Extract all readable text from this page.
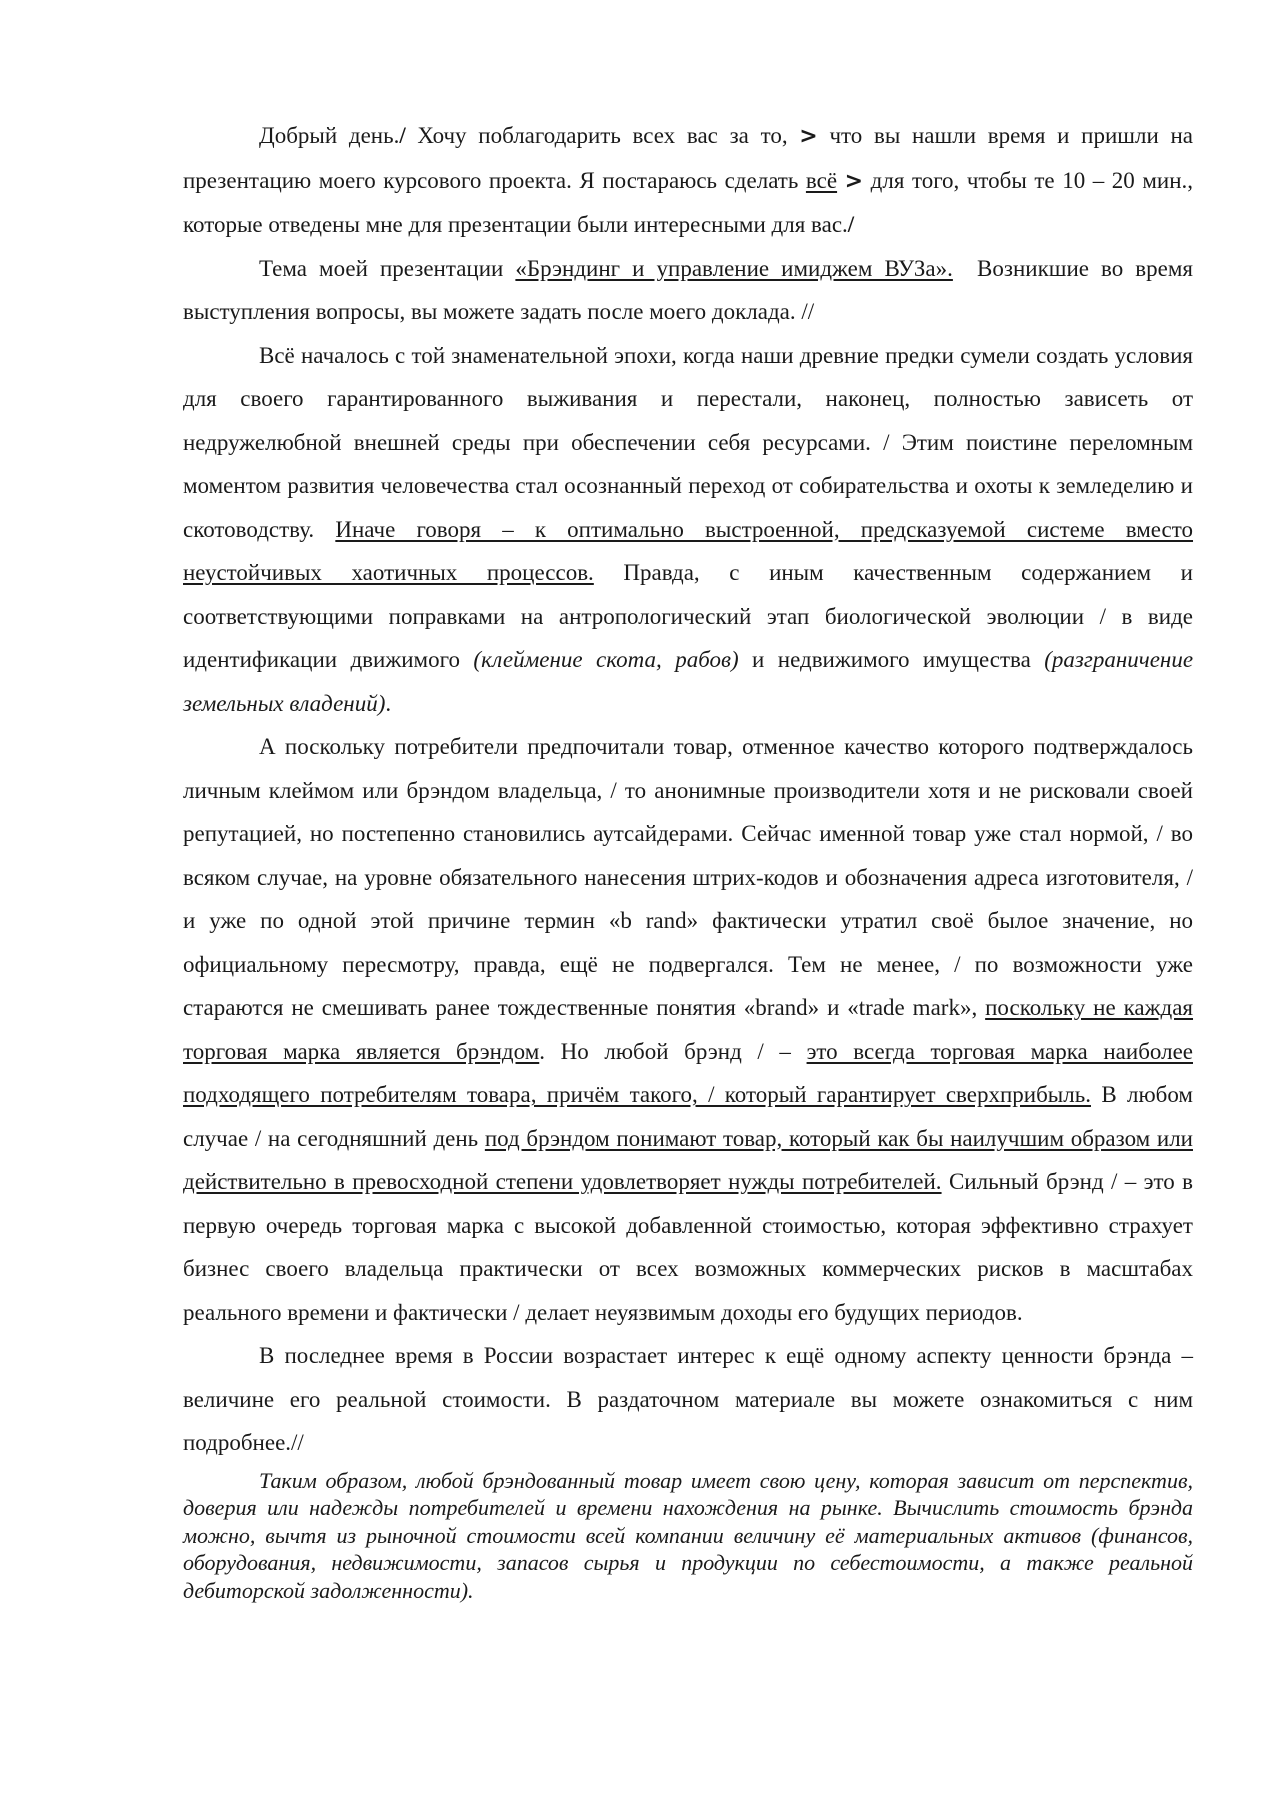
Добрый день./ Хочу поблагодарить всех вас за то, > что вы нашли время и пришли на презентацию моего курсового проекта. Я постараюсь сделать всё > для того, чтобы те 10 – 20 мин., которые отведены мне для презентации были интересными для вас./

Тема моей презентации «Брэндинг и управление имиджем ВУЗа». Возникшие во время выступления вопросы, вы можете задать после моего доклада. //

Всё началось с той знаменательной эпохи, когда наши древние предки сумели создать условия для своего гарантированного выживания и перестали, наконец, полностью зависеть от недружелюбной внешней среды при обеспечении себя ресурсами. / Этим поистине переломным моментом развития человечества стал осознанный переход от собирательства и охоты к земледелию и скотоводству. Иначе говоря – к оптимально выстроенной, предсказуемой системе вместо неустойчивых хаотичных процессов. Правда, с иным качественным содержанием и соответствующими поправками на антропологический этап биологической эволюции / в виде идентификации движимого (клеймение скота, рабов) и недвижимого имущества (разграничение земельных владений).

А поскольку потребители предпочитали товар, отменное качество которого подтверждалось личным клеймом или брэндом владельца, / то анонимные производители хотя и не рисковали своей репутацией, но постепенно становились аутсайдерами. Сейчас именной товар уже стал нормой, / во всяком случае, на уровне обязательного нанесения штрих-кодов и обозначения адреса изготовителя, / и уже по одной этой причине термин «b rand» фактически утратил своё былое значение, но официальному пересмотру, правда, ещё не подвергался. Тем не менее, / по возможности уже стараются не смешивать ранее тождественные понятия «brand» и «trade mark», поскольку не каждая торговая марка является брэндом. Но любой брэнд / – это всегда торговая марка наиболее подходящего потребителям товара, причём такого, / который гарантирует сверхприбыль. В любом случае / на сегодняшний день под брэндом понимают товар, который как бы наилучшим образом или действительно в превосходной степени удовлетворяет нужды потребителей. Сильный брэнд / – это в первую очередь торговая марка с высокой добавленной стоимостью, которая эффективно страхует бизнес своего владельца практически от всех возможных коммерческих рисков в масштабах реального времени и фактически / делает неуязвимым доходы его будущих периодов.

В последнее время в России возрастает интерес к ещё одному аспекту ценности брэнда – величине его реальной стоимости. В раздаточном материале вы можете ознакомиться с ним подробнее.//

Таким образом, любой брэндованный товар имеет свою цену, которая зависит от перспектив, доверия или надежды потребителей и времени нахождения на рынке. Вычислить стоимость брэнда можно, вычтя из рыночной стоимости всей компании величину её материальных активов (финансов, оборудования, недвижимости, запасов сырья и продукции по себестоимости, а также реальной дебиторской задолженности).
